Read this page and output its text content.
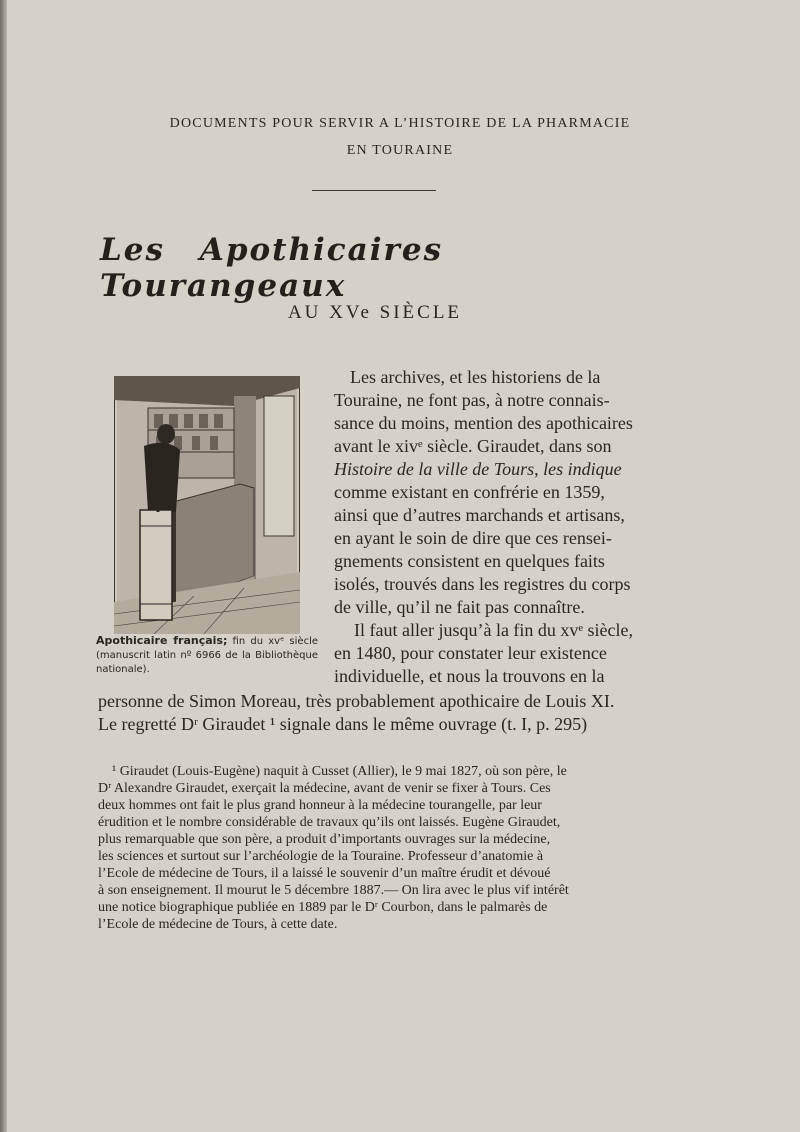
DOCUMENTS POUR SERVIR A L’HISTOIRE DE LA PHARMACIE
EN TOURAINE
Les Apothicaires Tourangeaux
AU XVe SIÈCLE
Apothicaire français; fin du xvᵉ siècle (manuscrit latin nº 6966 de la Bibliothèque nationale).
Les archives, et les historiens de la
Touraine, ne font pas, à notre connais-
sance du moins, mention des apothicaires
avant le xivᵉ siècle. Giraudet, dans son
Histoire de la ville de Tours, les indique
comme existant en confrérie en 1359,
ainsi que d’autres marchands et artisans,
en ayant le soin de dire que ces rensei-
gnements consistent en quelques faits
isolés, trouvés dans les registres du corps
de ville, qu’il ne fait pas connaître.
Il faut aller jusqu’à la fin du xvᵉ siècle,
en 1480, pour constater leur existence
individuelle, et nous la trouvons en la
personne de Simon Moreau, très probablement apothicaire de Louis XI.
Le regretté Dʳ Giraudet ¹ signale dans le même ouvrage (t. I, p. 295)
¹ Giraudet (Louis-Eugène) naquit à Cusset (Allier), le 9 mai 1827, où son père, le
Dʳ Alexandre Giraudet, exerçait la médecine, avant de venir se fixer à Tours. Ces
deux hommes ont fait le plus grand honneur à la médecine tourangelle, par leur
érudition et le nombre considérable de travaux qu’ils ont laissés. Eugène Giraudet,
plus remarquable que son père, a produit d’importants ouvrages sur la médecine,
les sciences et surtout sur l’archéologie de la Touraine. Professeur d’anatomie à
l’Ecole de médecine de Tours, il a laissé le souvenir d’un maître érudit et dévoué
à son enseignement. Il mourut le 5 décembre 1887.— On lira avec le plus vif intérêt
une notice biographique publiée en 1889 par le Dʳ Courbon, dans le palmarès de
l’Ecole de médecine de Tours, à cette date.
